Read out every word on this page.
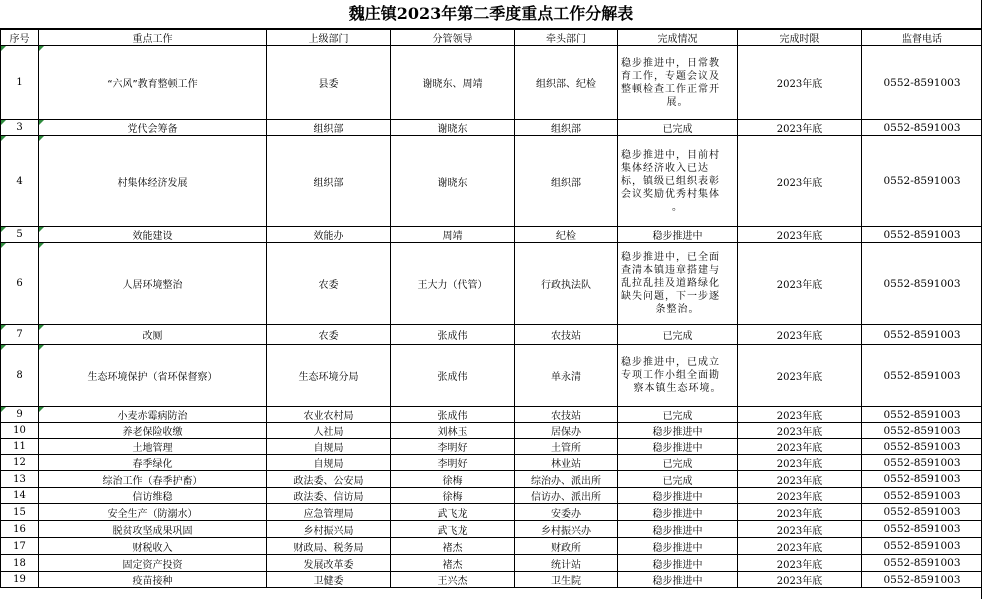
魏庄镇2023年第二季度重点工作分解表
序号	重点工作	上级部门	分管领导	牵头部门	完成情况	完成时限	监督电话
1	“六风”教育整顿工作	县委	谢晓东、周靖	组织部、纪检	稳步推进中，日常教
育工作，专题会议及
整顿检查工作正常开
展。	2023年底	0552-8591003
3	党代会筹备	组织部	谢晓东	组织部	已完成	2023年底	0552-8591003
4	村集体经济发展	组织部	谢晓东	组织部	稳步推进中，目前村
集体经济收入已达
标，镇级已组织表彰
会议奖励优秀村集体
。	2023年底	0552-8591003
5	效能建设	效能办	周靖	纪检	稳步推进中	2023年底	0552-8591003
6	人居环境整治	农委	王大力（代管）	行政执法队	稳步推进中，已全面
查清本镇违章搭建与
乱拉乱挂及道路绿化
缺失问题，下一步逐
条整治。	2023年底	0552-8591003
7	改厕	农委	张成伟	农技站	已完成	2023年底	0552-8591003
8	生态环境保护（省环保督察）	生态环境分局	张成伟	单永清	稳步推进中，已成立
专项工作小组全面勘
察本镇生态环境。	2023年底	0552-8591003
9	小麦赤霉病防治	农业农村局	张成伟	农技站	已完成	2023年底	0552-8591003
10	养老保险收缴	人社局	刘林玉	居保办	稳步推进中	2023年底	0552-8591003
11	土地管理	自规局	李明好	土管所	稳步推进中	2023年底	0552-8591003
12	春季绿化	自规局	李明好	林业站	已完成	2023年底	0552-8591003
13	综治工作（春季护畜）	政法委、公安局	徐梅	综治办、派出所	已完成	2023年底	0552-8591003
14	信访维稳	政法委、信访局	徐梅	信访办、派出所	稳步推进中	2023年底	0552-8591003
15	安全生产（防溺水）	应急管理局	武飞龙	安委办	稳步推进中	2023年底	0552-8591003
16	脱贫攻坚成果巩固	乡村振兴局	武飞龙	乡村振兴办	稳步推进中	2023年底	0552-8591003
17	财税收入	财政局、税务局	褚杰	财政所	稳步推进中	2023年底	0552-8591003
18	固定资产投资	发展改革委	褚杰	统计站	稳步推进中	2023年底	0552-8591003
19	疫苗接种	卫健委	王兴杰	卫生院	稳步推进中	2023年底	0552-8591003
